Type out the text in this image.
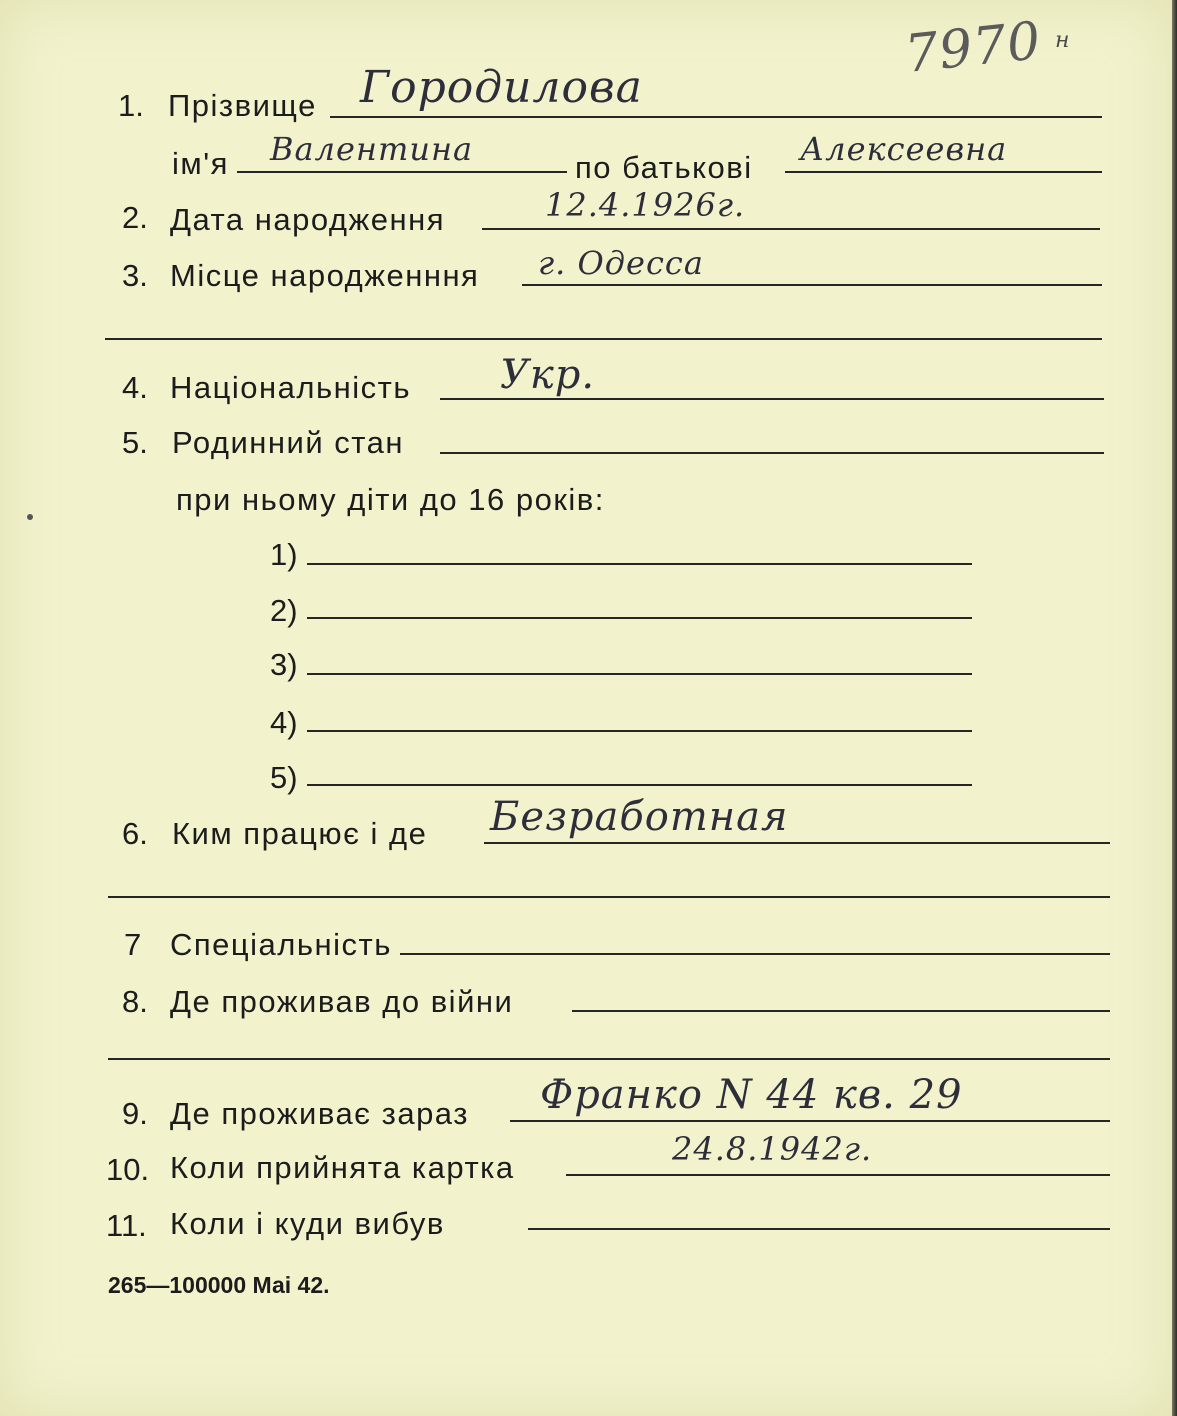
7970 н
1. Прізвище Городилова
ім'я Валентина	по батькові Алексеевна
2. Дата народження	12.4.1926г.
3. Місце народженння г. Одесса
4. Національність Укр.
5. Родинний стан
при ньому діти до 16 років:
1)
2)
3)
4)
5)
6. Ким працює і де Безработная
7 Спеціальність
8. Де проживав до війни
9. Де проживає зараз Франко N 44 кв. 29
10. Коли прийнята картка	24.8.1942г.
11. Коли і куди вибув
265—100000 Маі 42.
